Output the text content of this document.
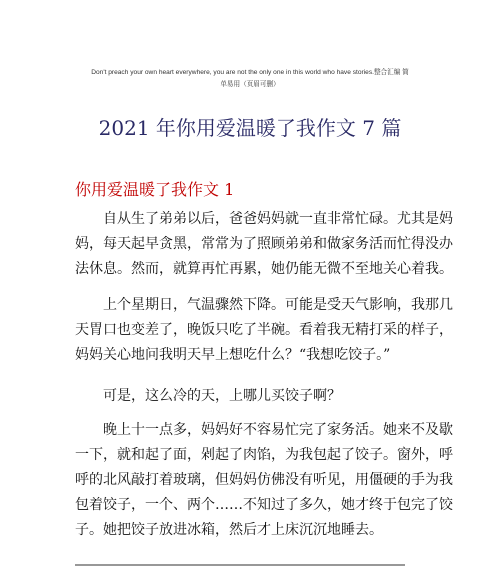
Don't preach your own heart everywhere, you are not the only one in this world who have stories.整合汇编 简
单易用（页眉可删）
2021 年你用爱温暖了我作文 7 篇
你用爱温暖了我作文 1
自从生了弟弟以后，爸爸妈妈就一直非常忙碌。尤其是妈
妈，每天起早贪黑，常常为了照顾弟弟和做家务活而忙得没办
法休息。然而，就算再忙再累，她仍能无微不至地关心着我。
上个星期日，气温骤然下降。可能是受天气影响，我那几
天胃口也变差了，晚饭只吃了半碗。看着我无精打采的样子，
妈妈关心地问我明天早上想吃什么？“我想吃饺子。”
可是，这么冷的天，上哪儿买饺子啊？
晚上十一点多，妈妈好不容易忙完了家务活。她来不及歇
一下，就和起了面，剁起了肉馅，为我包起了饺子。窗外，呼
呼的北风敲打着玻璃，但妈妈仿佛没有听见，用僵硬的手为我
包着饺子，一个、两个……不知过了多久，她才终于包完了饺
子。她把饺子放进冰箱，然后才上床沉沉地睡去。
